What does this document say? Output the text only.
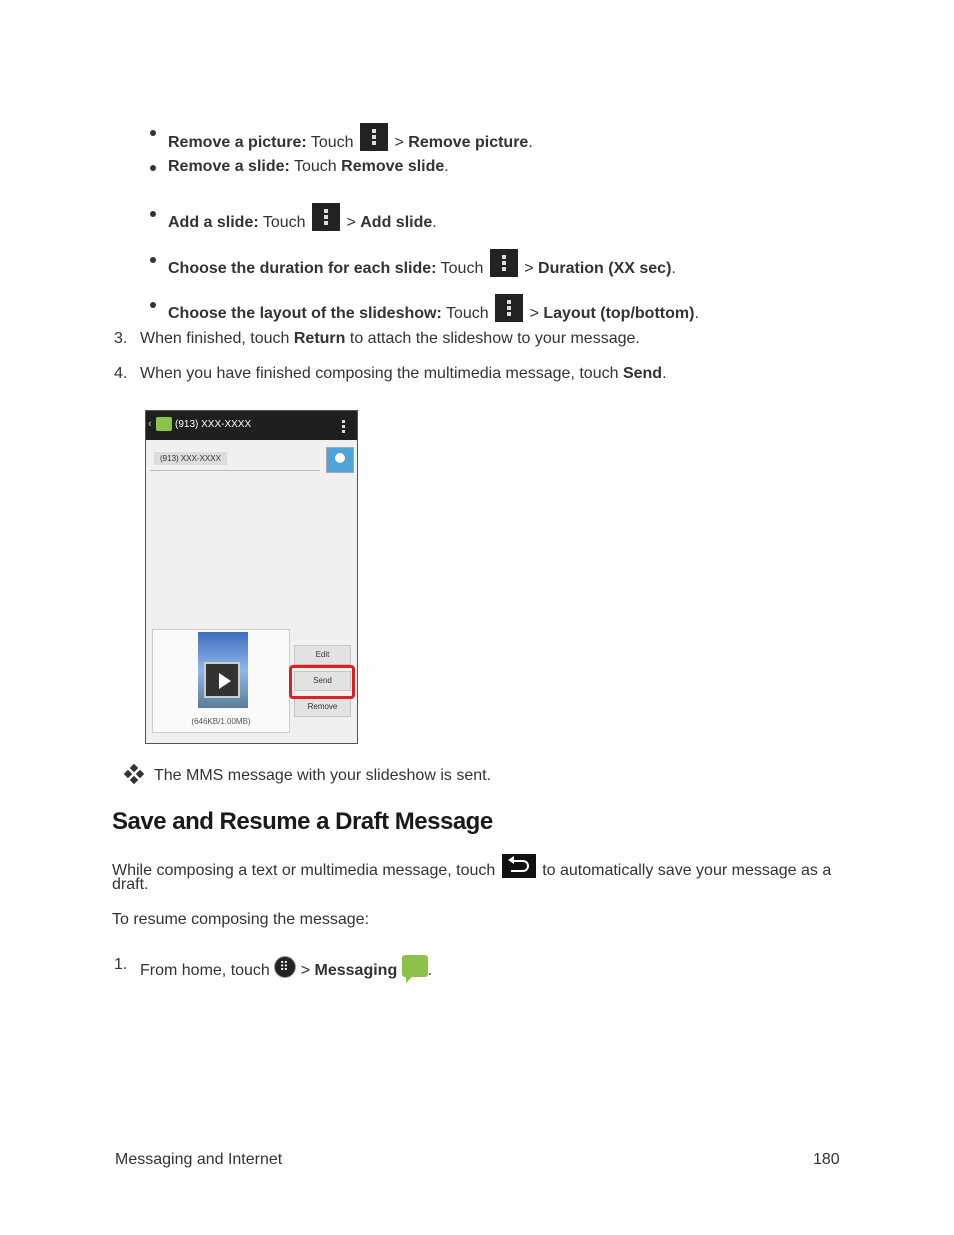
Remove a picture: Touch	> Remove picture.
Remove a slide: Touch Remove slide.
Add a slide: Touch	> Add slide.
Choose the duration for each slide: Touch	> Duration (XX sec).
Choose the layout of the slideshow: Touch	> Layout (top/bottom).
3. When finished, touch Return to attach the slideshow to your message.
4. When you have finished composing the multimedia message, touch Send.
‹ (913) XXX-XXXX
(913) XXX-XXXX
(646KB/1.00MB)
Edit
Send
Remove
The MMS message with your slideshow is sent.
Save and Resume a Draft Message
While composing a text or multimedia message, touch	to automatically save your message as a
draft.
To resume composing the message:
1. From home, touch ⠿ > Messaging .
Messaging and Internet	180
